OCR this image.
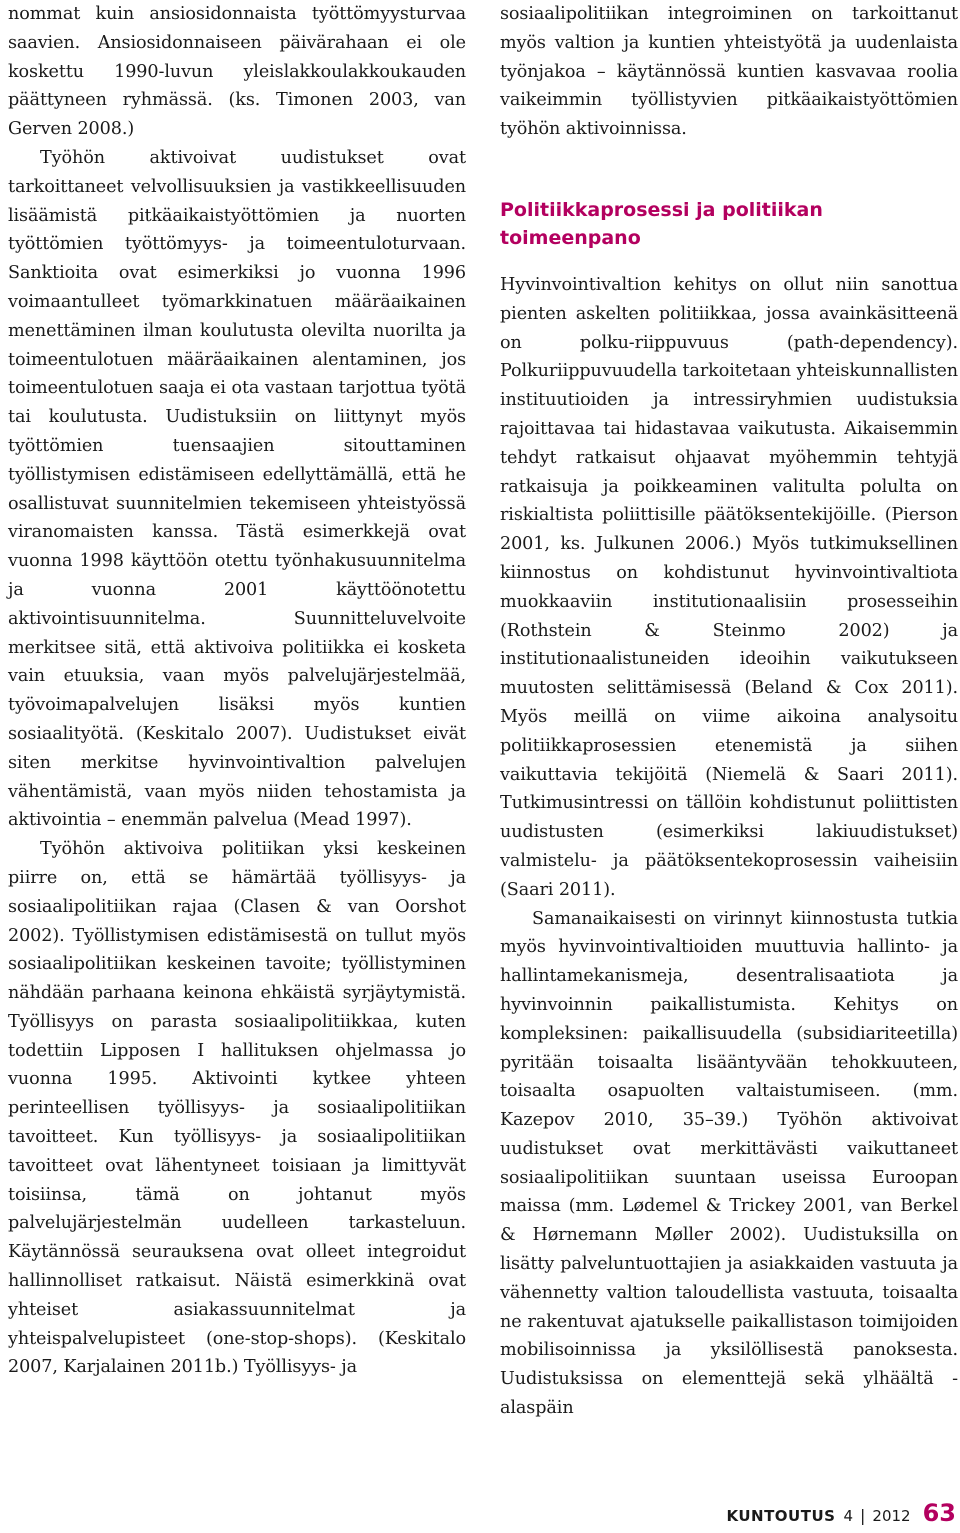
nommat kuin ansiosidonnaista työttömyysturvaa saavien. Ansiosidonnaiseen päivärahaan ei ole koskettu 1990-luvun yleislakkoulakkoukauden päättyneen ryhmässä. (ks. Timonen 2003, van Gerven 2008.)

Työhön aktivoivat uudistukset ovat tarkoittaneet velvollisuuksien ja vastikkeellisuuden lisäämistä pitkäaikaistyöttömien ja nuorten työttömien työttömyys- ja toimeentuloturvaan. Sanktioita ovat esimerkiksi jo vuonna 1996 voimaantulleet työmarkkinatuen määräaikainen menettäminen ilman koulutusta olevilta nuorilta ja toimeentulotuen määräaikainen alentaminen, jos toimeentulotuen saaja ei ota vastaan tarjottua työtä tai koulutusta. Uudistuksiin on liittynyt myös työttömien tuensaajien sitouttaminen työllistymisen edistämiseen edellyttämällä, että he osallistuvat suunnitelmien tekemiseen yhteistyössä viranomaisten kanssa. Tästä esimerkkejä ovat vuonna 1998 käyttöön otettu työnhakusuunnitelma ja vuonna 2001 käyttöönotettu aktivointisuunnitelma. Suunnitteluvelvoite merkitsee sitä, että aktivoiva politiikka ei kosketa vain etuuksia, vaan myös palvelujärjestelmää, työvoimapalvelujen lisäksi myös kuntien sosiaalityötä. (Keskitalo 2007). Uudistukset eivät siten merkitse hyvinvointivaltion palvelujen vähentämistä, vaan myös niiden tehostamista ja aktivointia – enemmän palvelua (Mead 1997).

Työhön aktivoiva politiikan yksi keskeinen piirre on, että se hämärtää työllisyys- ja sosiaalipolitiikan rajaa (Clasen & van Oorshot 2002). Työllistymisen edistämisestä on tullut myös sosiaalipolitiikan keskeinen tavoite; työllistyminen nähdään parhaana keinona ehkäistä syrjäytymistä. Työllisyys on parasta sosiaalipolitiikkaa, kuten todettiin Lipposen I hallituksen ohjelmassa jo vuonna 1995. Aktivointi kytkee yhteen perinteellisen työllisyys- ja sosiaalipolitiikan tavoitteet. Kun työllisyys- ja sosiaalipolitiikan tavoitteet ovat lähentyneet toisiaan ja limittyvät toisiinsa, tämä on johtanut myös palvelujärjestelmän uudelleen tarkasteluun. Käytännössä seurauksena ovat olleet integroidut hallinnolliset ratkaisut. Näistä esimerkkinä ovat yhteiset asiakassuunnitelmat ja yhteispalvelupisteet (one-stop-shops). (Keskitalo 2007, Karjalainen 2011b.) Työllisyys- ja

sosiaalipolitiikan integroiminen on tarkoittanut myös valtion ja kuntien yhteistyötä ja uudenlaista työnjakoa – käytännössä kuntien kasvavaa roolia vaikeimmin työllistyvien pitkäaikaistyöttömien työhön aktivoinnissa.

Politiikkaprosessi ja politiikan toimeenpano

Hyvinvointivaltion kehitys on ollut niin sanottua pienten askelten politiikkaa, jossa avainkäsitteenä on polku-riippuvuus (path-dependency). Polkuriippuvuudella tarkoitetaan yhteiskunnallisten instituutioiden ja intressiryhmien uudistuksia rajoittavaa tai hidastavaa vaikutusta. Aikaisemmin tehdyt ratkaisut ohjaavat myöhemmin tehtyjä ratkaisuja ja poikkeaminen valitulta polulta on riskialtista poliittisille päätöksentekijöille. (Pierson 2001, ks. Julkunen 2006.) Myös tutkimuksellinen kiinnostus on kohdistunut hyvinvointivaltiota muokkaaviin institutionaalisiin prosesseihin (Rothstein & Steinmo 2002) ja institutionaalistuneiden ideoihin vaikutukseen muutosten selittämisessä (Beland & Cox 2011). Myös meillä on viime aikoina analysoitu politiikkaprosessien etenemistä ja siihen vaikuttavia tekijöitä (Niemelä & Saari 2011). Tutkimusintressi on tällöin kohdistunut poliittisten uudistusten (esimerkiksi lakiuudistukset) valmistelu- ja päätöksentekoprosessin vaiheisiin (Saari 2011).

Samanaikaisesti on virinnyt kiinnostusta tutkia myös hyvinvointivaltioiden muuttuvia hallinto- ja hallintamekanismeja, desentralisaatiota ja hyvinvoinnin paikallistumista. Kehitys on kompleksinen: paikallisuudella (subsidiariteetilla) pyritään toisaalta lisääntyvään tehokkuuteen, toisaalta osapuolten valtaistumiseen. (mm. Kazepov 2010, 35–39.) Työhön aktivoivat uudistukset ovat merkittävästi vaikuttaneet sosiaalipolitiikan suuntaan useissa Euroopan maissa (mm. Lødemel & Trickey 2001, van Berkel & Hørnemann Møller 2002). Uudistuksilla on lisätty palveluntuottajien ja asiakkaiden vastuuta ja vähennetty valtion taloudellista vastuuta, toisaalta ne rakentuvat ajatukselle paikallistason toimijoiden mobilisoinnissa ja yksilöllisestä panoksesta. Uudistuksissa on elementtejä sekä ylhäältä - alaspäin

KUNTOUTUS 4 | 2012 63
